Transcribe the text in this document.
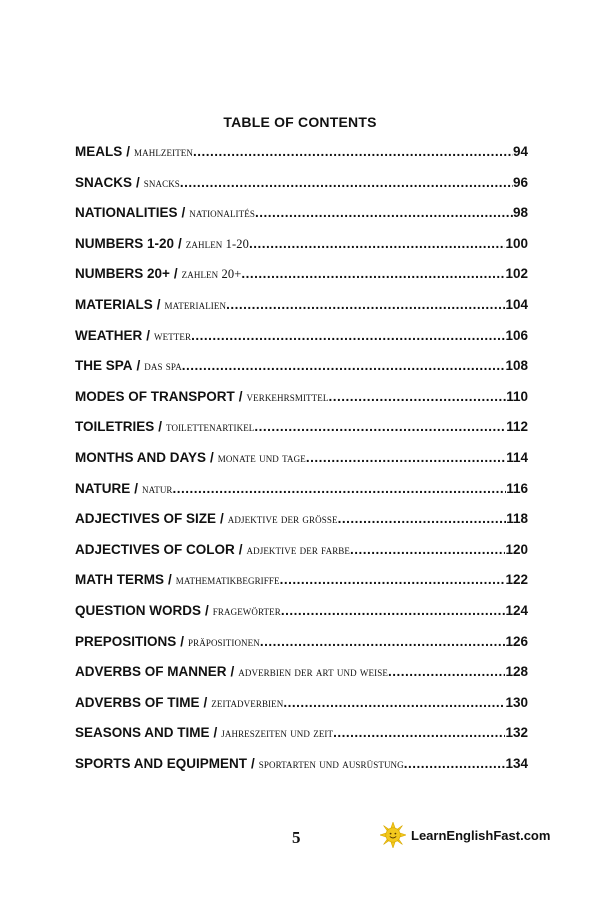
TABLE OF CONTENTS
MEALS / mahlzeiten .....	94
SNACKS / snacks .....	96
NATIONALITIES / nationalités .....	98
NUMBERS 1-20 / zahlen 1-20 .....	100
NUMBERS 20+ / zahlen 20+ .....	102
MATERIALS / materialien .....	104
WEATHER / wetter .....	106
THE SPA / das spa .....	108
MODES OF TRANSPORT / verkehrsmittel .....	110
TOILETRIES / toilettenartikel .....	112
MONTHS AND DAYS / monate und tage .....	114
NATURE / natur .....	116
ADJECTIVES OF SIZE / adjektive der grösse .....	118
ADJECTIVES OF COLOR / adjektive der farbe .....	120
MATH TERMS / mathematikbegriffe .....	122
QUESTION WORDS / fragewörter .....	124
PREPOSITIONS / präpositionen .....	126
ADVERBS OF MANNER / adverbien der art und weise .....	128
ADVERBS OF TIME / zeitadverbien .....	130
SEASONS AND TIME / jahreszeiten und zeit .....	132
SPORTS AND EQUIPMENT / sportarten und ausrüstung .....	134
5	LearnEnglishFast.com
